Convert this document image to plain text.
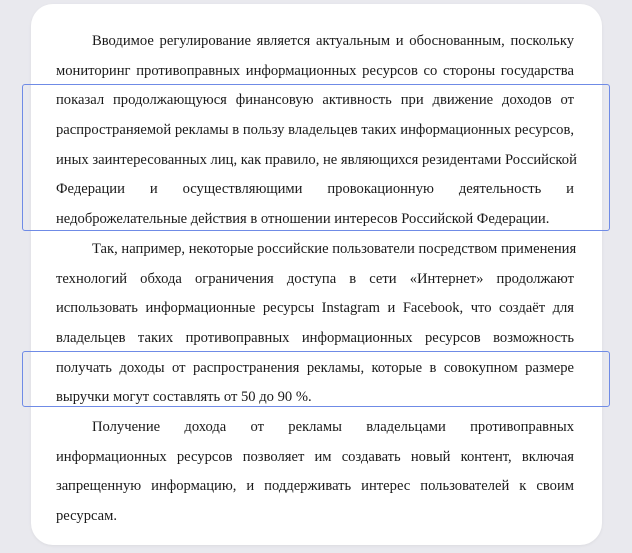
Вводимое регулирование является актуальным и обоснованным, поскольку
мониторинг противоправных информационных ресурсов со стороны государства
показал продолжающуюся финансовую активность при движение доходов от
распространяемой рекламы в пользу владельцев таких информационных ресурсов,
иных заинтересованных лиц, как правило, не являющихся резидентами Российской
Федерации и осуществляющими провокационную деятельность и
недоброжелательные действия в отношении интересов Российской Федерации.
Так, например, некоторые российские пользователи посредством применения
технологий обхода ограничения доступа в сети «Интернет» продолжают
использовать информационные ресурсы Instagram и Facebook, что создаёт для
владельцев таких противоправных информационных ресурсов возможность
получать доходы от распространения рекламы, которые в совокупном размере
выручки могут составлять от 50 до 90 %.
Получение дохода от рекламы владельцами противоправных
информационных ресурсов позволяет им создавать новый контент, включая
запрещенную информацию, и поддерживать интерес пользователей к своим
ресурсам.
